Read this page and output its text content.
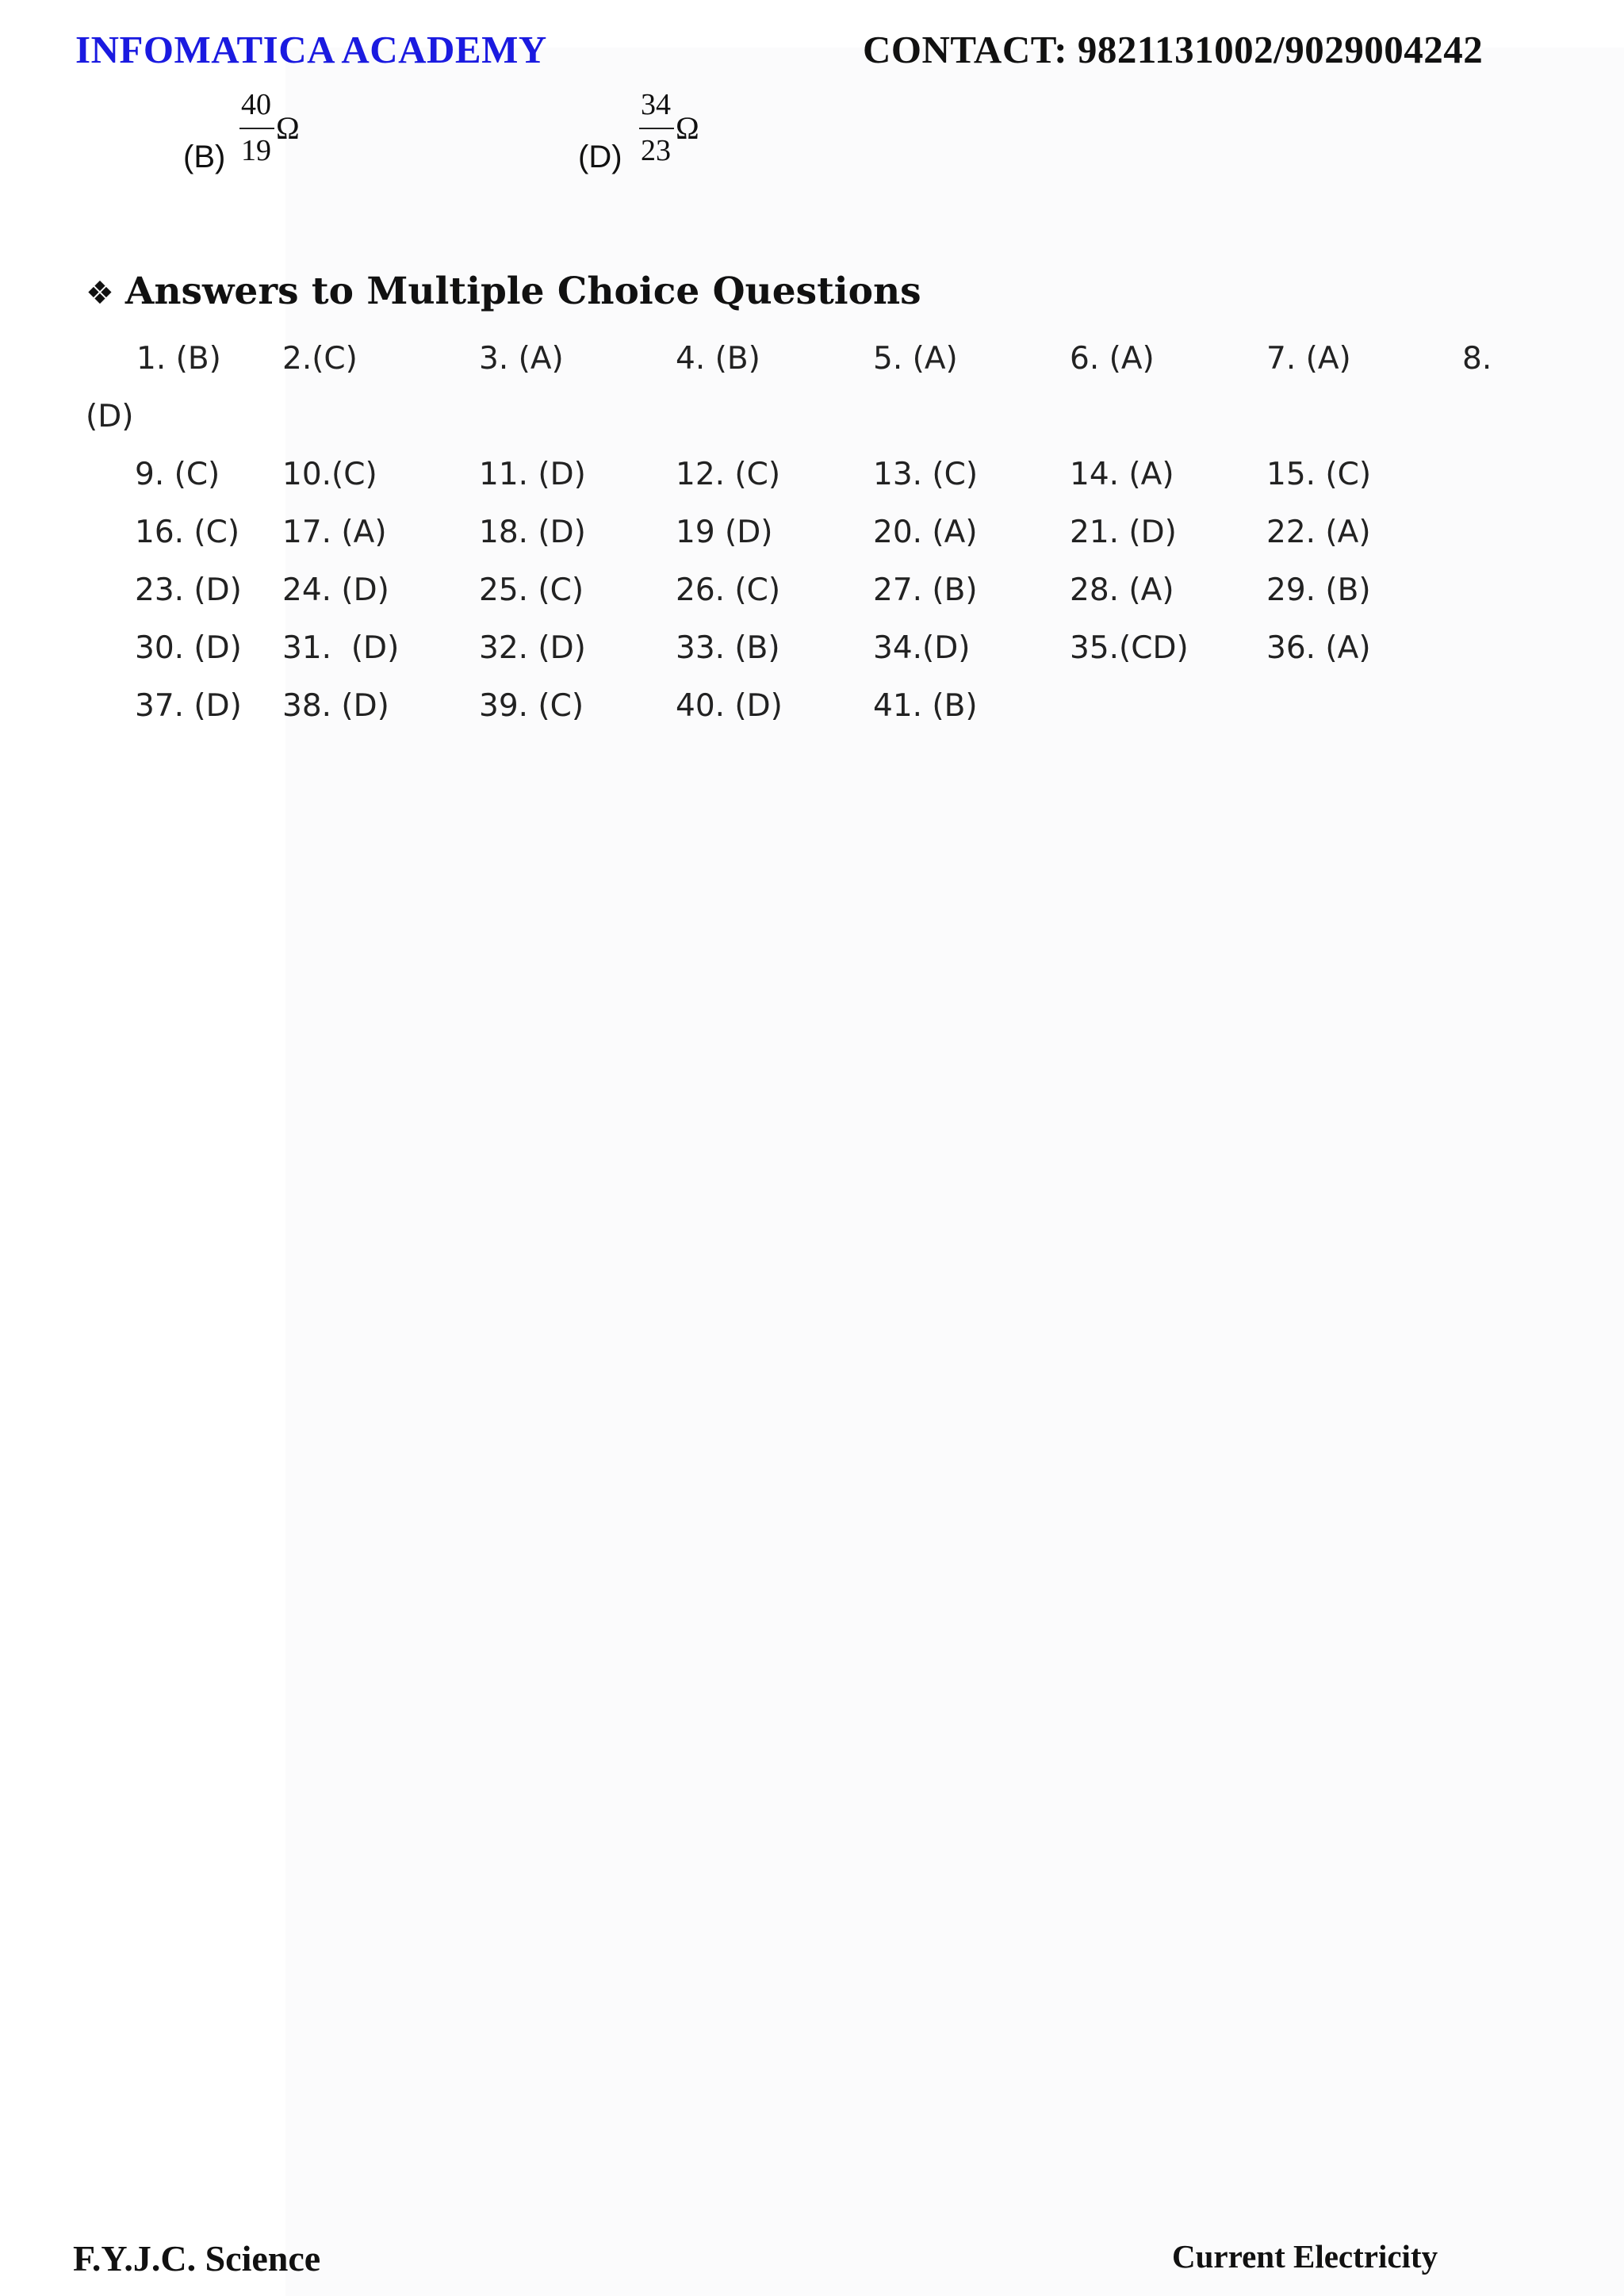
INFOMATICA ACADEMY	CONTACT: 9821131002/9029004242
(B)
40
19
Ω
(D)
34
23
Ω
❖ Answers to Multiple Choice Questions
1. (B) 2.(C)	3. (A)	4. (B)	5. (A)	6. (A)	7. (A)	8.
(D)
9. (C) 10.(C)	11. (D)	12. (C)	13. (C)	14. (A)	15. (C)
16. (C) 17. (A)	18. (D)	19 (D)	20. (A)	21. (D)	22. (A)
23. (D) 24. (D)	25. (C)	26. (C)	27. (B)	28. (A)	29. (B)
30. (D) 31.  (D)	32. (D)	33. (B)	34.(D)	35.(CD)	36. (A)
37. (D) 38. (D)	39. (C)	40. (D)	41. (B)
F.Y.J.C. Science	Current Electricity
